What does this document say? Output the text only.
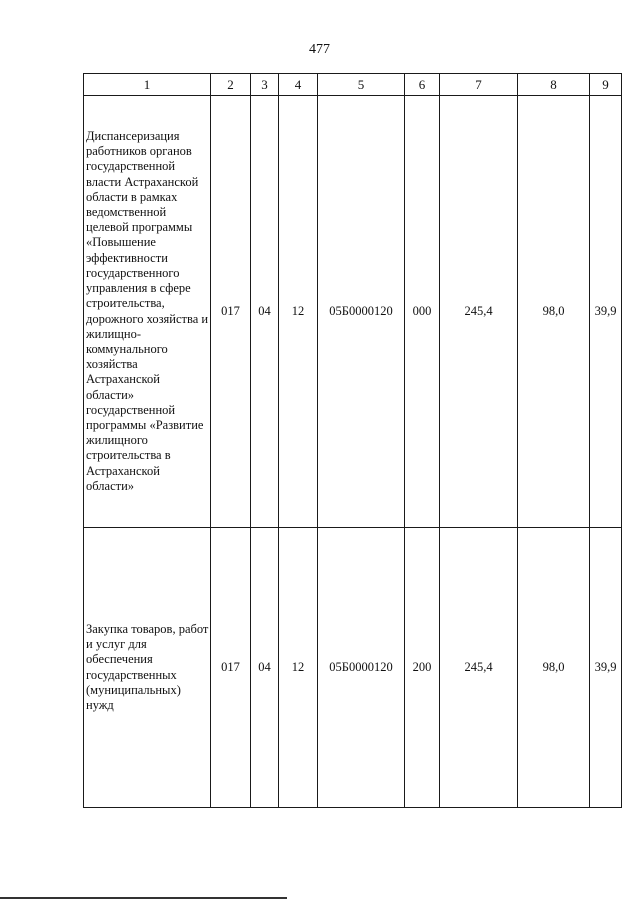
477
1	2	3	4	5	6	7	8	9
Диспансеризация работников органов государственной власти Астраханской области в рамках ведомственной целевой программы «Повышение эффективности государственного управления в сфере строительства, дорожного хозяйства и жилищно-коммунального хозяйства Астраханской области» государственной программы «Развитие жилищного строительства в Астраханской области»	017	04	12	05Б0000120	000	245,4	98,0	39,9
Закупка товаров, работ и услуг для обеспечения государственных (муниципальных) нужд	017	04	12	05Б0000120	200	245,4	98,0	39,9
